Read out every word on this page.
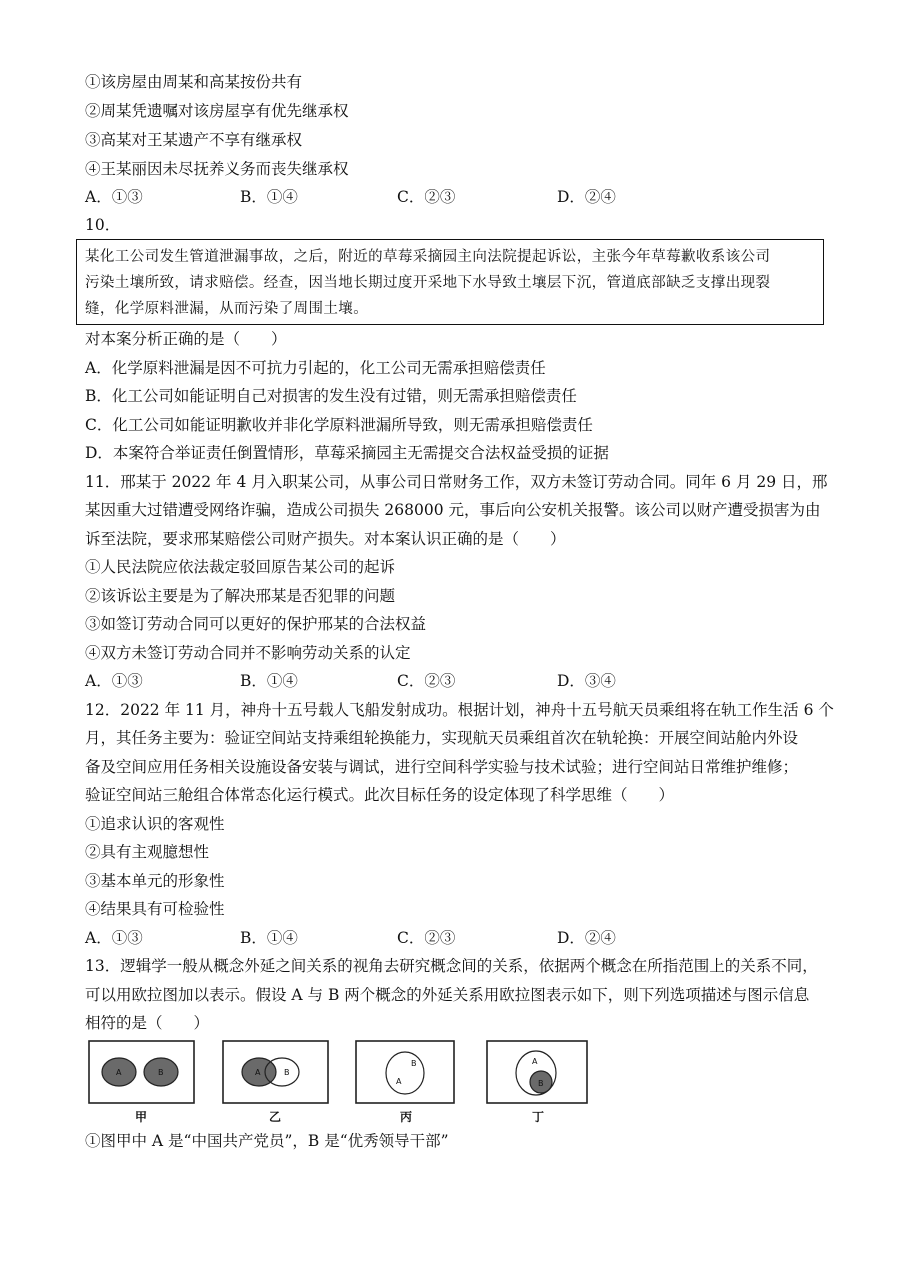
①该房屋由周某和高某按份共有
②周某凭遗嘱对该房屋享有优先继承权
③高某对王某遗产不享有继承权
④王某丽因未尽抚养义务而丧失继承权
A．①③	B．①④	C．②③	D．②④
10．
某化工公司发生管道泄漏事故，之后，附近的草莓采摘园主向法院提起诉讼，主张今年草莓歉收系该公司
污染土壤所致，请求赔偿。经查，因当地长期过度开采地下水导致土壤层下沉，管道底部缺乏支撑出现裂
缝，化学原料泄漏，从而污染了周围土壤。
对本案分析正确的是（　　）
A．化学原料泄漏是因不可抗力引起的，化工公司无需承担赔偿责任
B．化工公司如能证明自己对损害的发生没有过错，则无需承担赔偿责任
C．化工公司如能证明歉收并非化学原料泄漏所导致，则无需承担赔偿责任
D．本案符合举证责任倒置情形，草莓采摘园主无需提交合法权益受损的证据
11．邢某于 2022 年 4 月入职某公司，从事公司日常财务工作，双方未签订劳动合同。同年 6 月 29 日，邢
某因重大过错遭受网络诈骗，造成公司损失 268000 元，事后向公安机关报警。该公司以财产遭受损害为由
诉至法院，要求邢某赔偿公司财产损失。对本案认识正确的是（　　）
①人民法院应依法裁定驳回原告某公司的起诉
②该诉讼主要是为了解决邢某是否犯罪的问题
③如签订劳动合同可以更好的保护邢某的合法权益
④双方未签订劳动合同并不影响劳动关系的认定
A．①③	B．①④	C．②③	D．③④
12．2022 年 11 月，神舟十五号载人飞船发射成功。根据计划，神舟十五号航天员乘组将在轨工作生活 6 个
月，其任务主要为：验证空间站支持乘组轮换能力，实现航天员乘组首次在轨轮换：开展空间站舱内外设
备及空间应用任务相关设施设备安装与调试，进行空间科学实验与技术试验；进行空间站日常维护维修；
验证空间站三舱组合体常态化运行模式。此次目标任务的设定体现了科学思维（　　）
①追求认识的客观性
②具有主观臆想性
③基本单元的形象性
④结果具有可检验性
A．①③	B．①④	C．②③	D．②④
13．逻辑学一般从概念外延之间关系的视角去研究概念间的关系，依据两个概念在所指范围上的关系不同，
可以用欧拉图加以表示。假设 A 与 B 两个概念的外延关系用欧拉图表示如下，则下列选项描述与图示信息
相符的是（　　）
A	B
甲
A	B
乙
A
B
丙
A
B
丁
①图甲中 A 是“中国共产党员”，B 是“优秀领导干部”
